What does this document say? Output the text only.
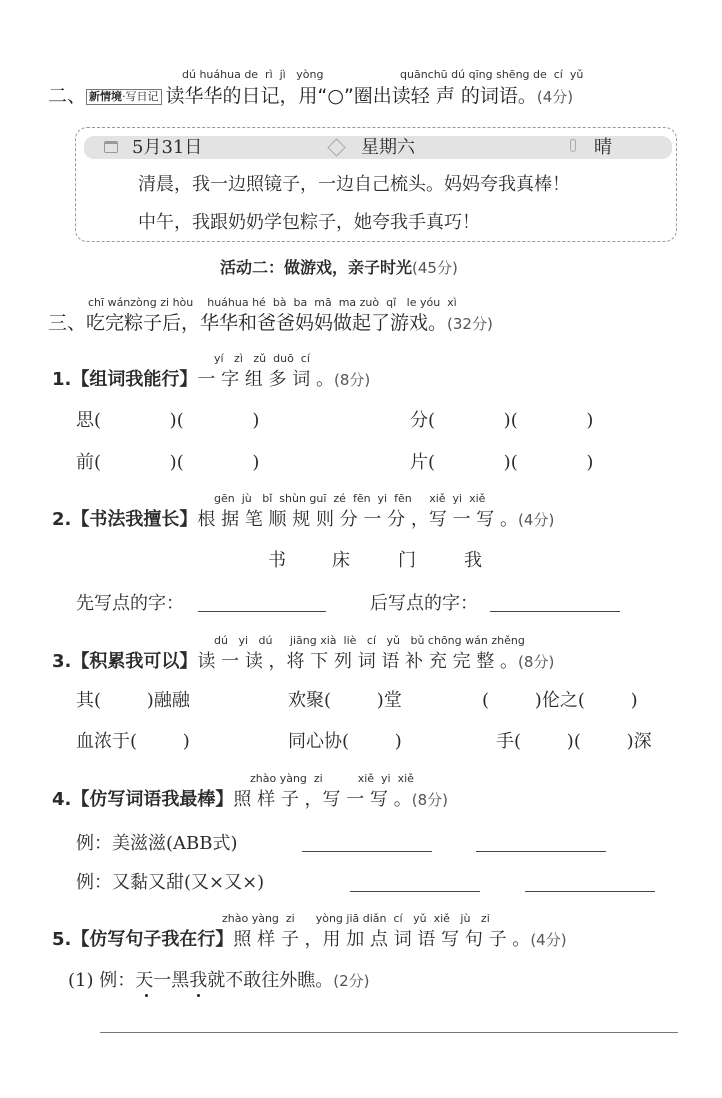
dú huáhua de  rì  jì   yòng	quānchū dú qīng shēng de  cí  yǔ
二、 新情境·写日记 读华华的日记，用“○”圈出读轻 声 的词语。(4分)
5月31日	星期六	晴
清晨，我一边照镜子，一边自己梳头。妈妈夸我真棒！
中午，我跟奶奶学包粽子，她夸我手真巧！
活动二：做游戏，亲子时光(45分)
chī wánzòng zi hòu    huáhua hé  bà  ba  mā  ma zuò  qǐ   le yóu  xì
三、吃完粽子后，华华和爸爸妈妈做起了游戏。(32分)
yí   zì   zǔ  duō  cí
1.【组词我能行】一 字 组 多 词 。(8分)
思(            )(            )	分(            )(            )
前(            )(            )	片(            )(            )
gēn  jù   bǐ  shùn guī  zé  fēn  yi  fēn     xiě  yi  xiě
2.【书法我擅长】根 据 笔 顺 规 则 分 一 分 ，写 一 写 。(4分)
书	床	门	我
先写点的字：	后写点的字：
dú   yi   dú     jiāng xià  liè   cí   yǔ   bǔ chōng wán zhěng
3.【积累我可以】读 一 读 ，将 下 列 词 语 补 充 完 整 。(8分)
其(        )融融	欢聚(        )堂	(        )伦之(        )
血浓于(        )	同心协(        )	手(        )(        )深
zhào yàng  zi          xiě  yi  xiě
4.【仿写词语我最棒】照 样 子 ，写 一 写 。(8分)
例：美滋滋(ABB式)
例：又黏又甜(又×又×)
zhào yàng  zi      yòng jiā diǎn  cí   yǔ  xiě   jù   zi
5.【仿写句子我在行】照 样 子 ，用 加 点 词 语 写 句 子 。(4分)
(1) 例：天一黑我就不敢往外瞧。(2分)
